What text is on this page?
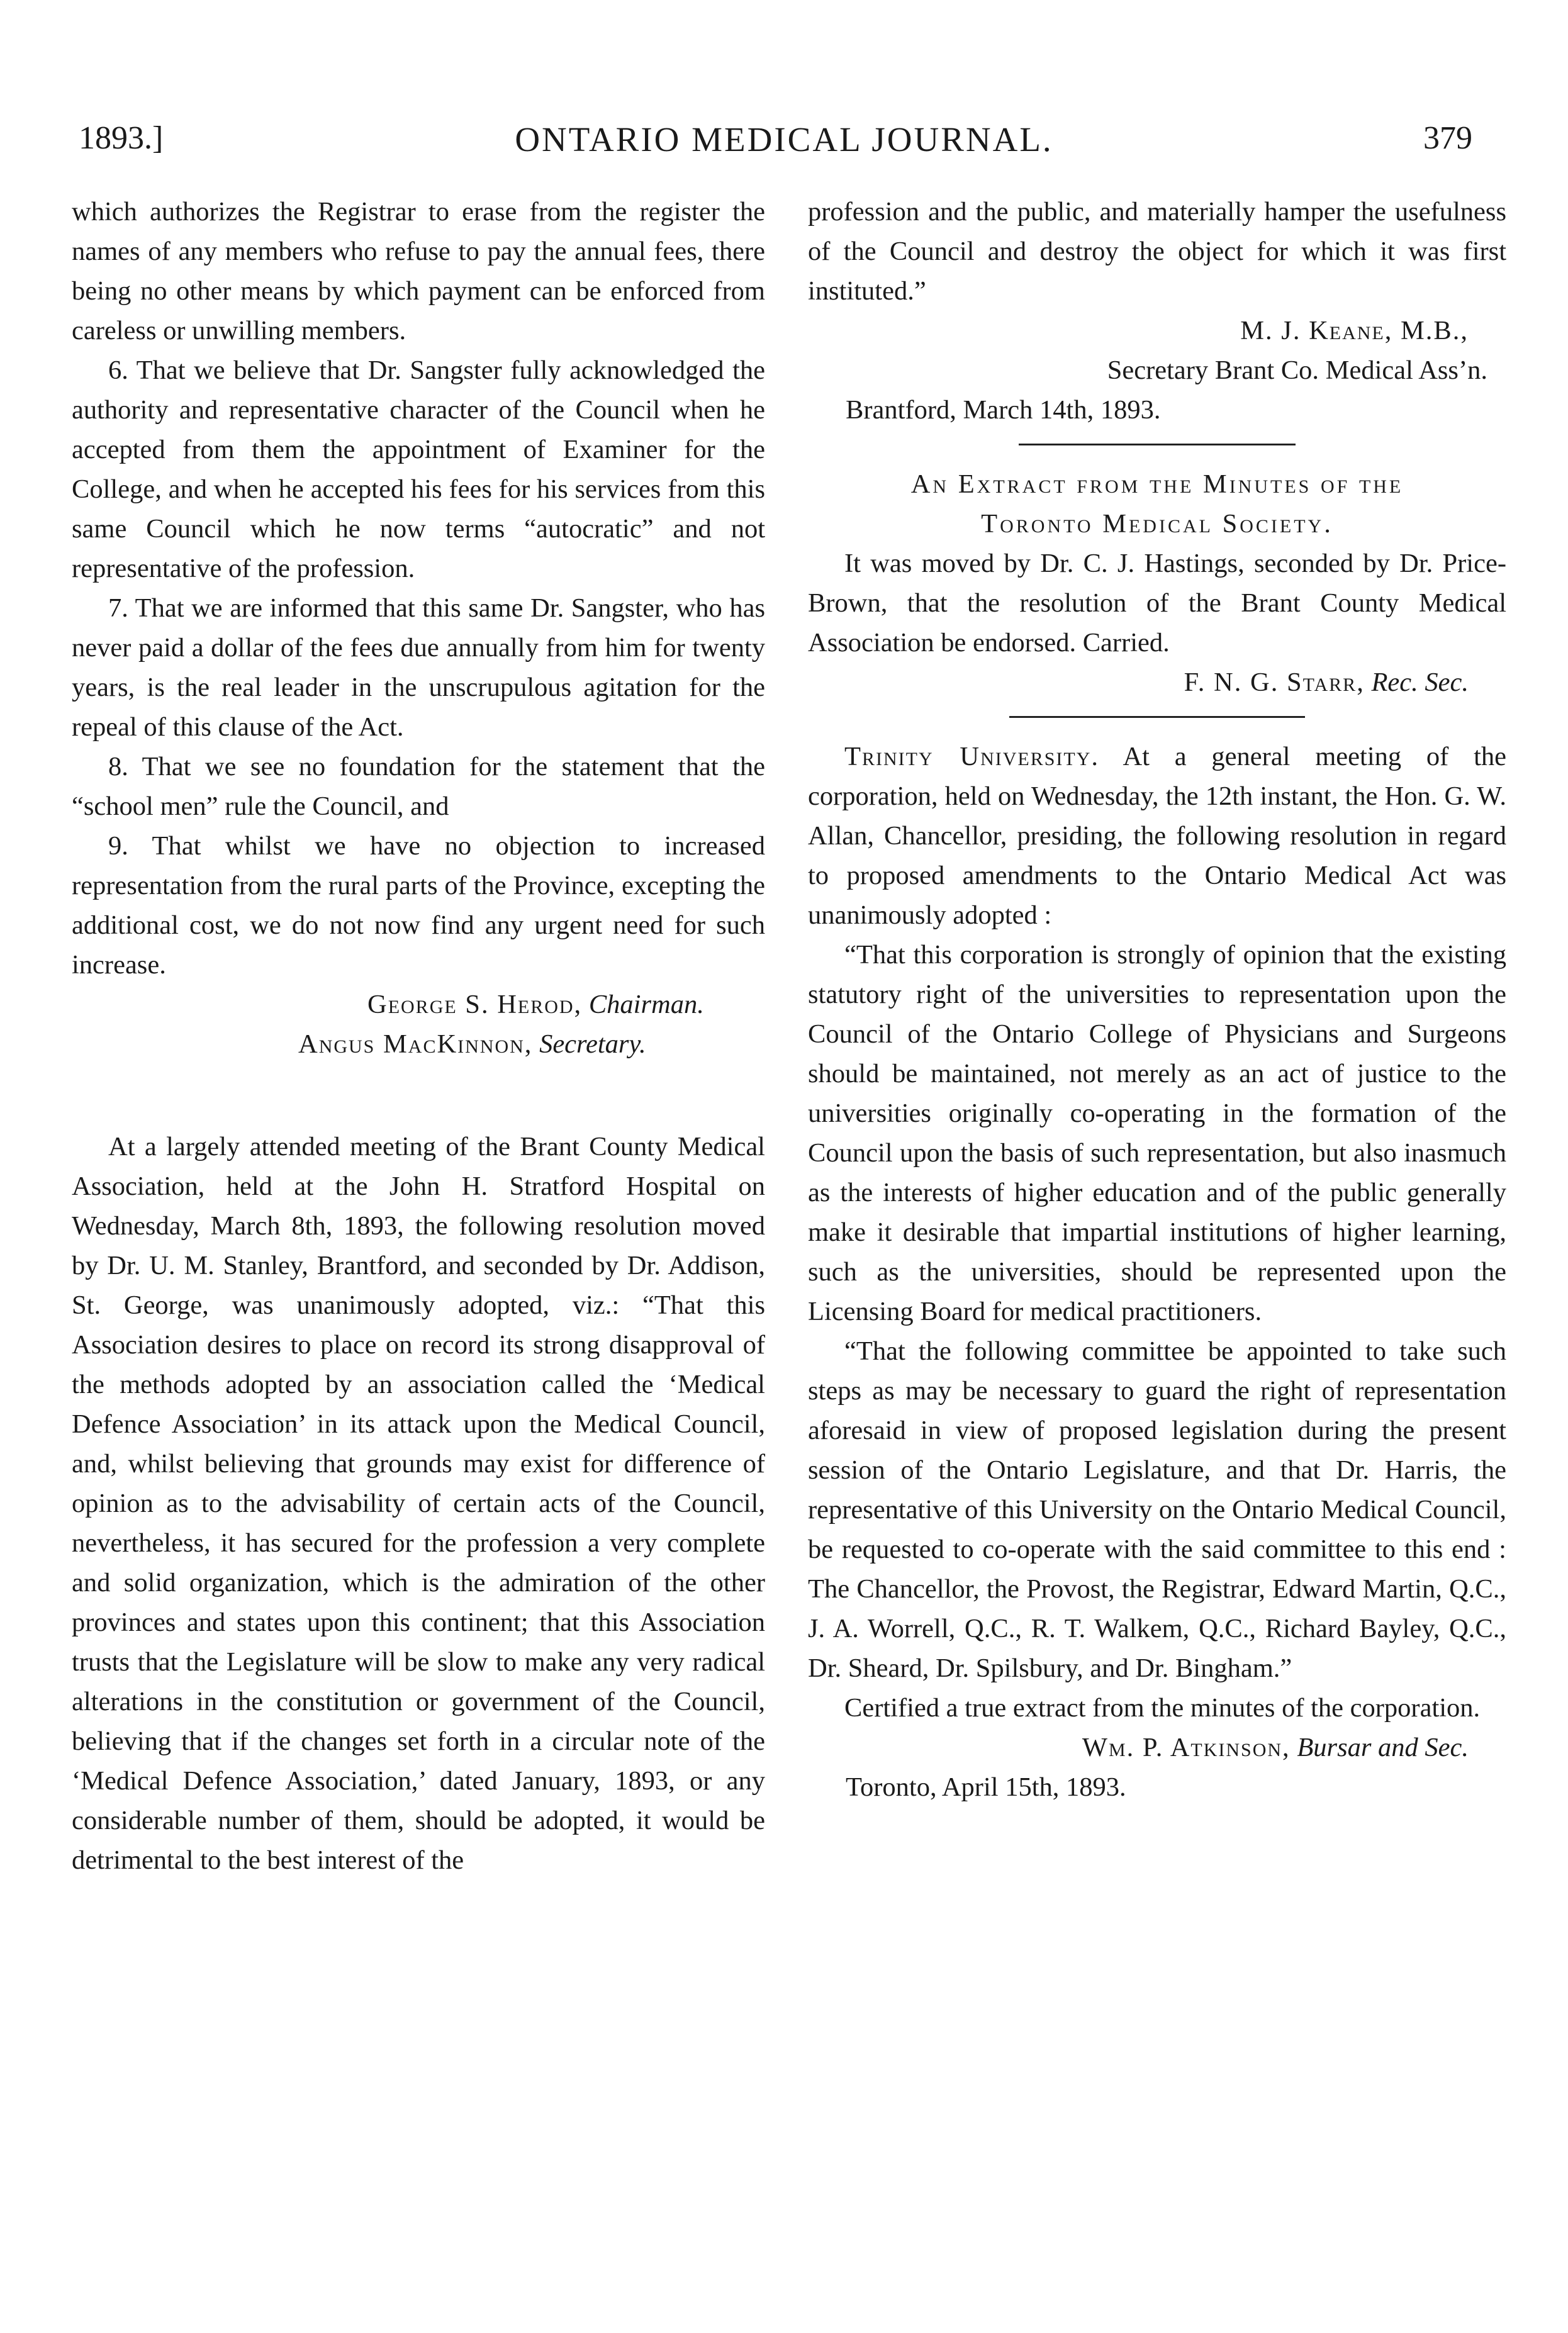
1893.]	ONTARIO MEDICAL JOURNAL.	379

which authorizes the Registrar to erase from the register the names of any members who refuse to pay the annual fees, there being no other means by which payment can be enforced from careless or unwilling members.

6. That we believe that Dr. Sangster fully acknowledged the authority and representative character of the Council when he accepted from them the appointment of Examiner for the College, and when he accepted his fees for his services from this same Council which he now terms “autocratic” and not representative of the profession.

7. That we are informed that this same Dr. Sangster, who has never paid a dollar of the fees due annually from him for twenty years, is the real leader in the unscrupulous agitation for the repeal of this clause of the Act.

8. That we see no foundation for the statement that the “school men” rule the Council, and

9. That whilst we have no objection to increased representation from the rural parts of the Province, excepting the additional cost, we do not now find any urgent need for such increase.

George S. Herod, Chairman.

Angus MacKinnon, Secretary.

At a largely attended meeting of the Brant County Medical Association, held at the John H. Stratford Hospital on Wednesday, March 8th, 1893, the following resolution moved by Dr. U. M. Stanley, Brantford, and seconded by Dr. Addison, St. George, was unanimously adopted, viz.: “That this Association desires to place on record its strong disapproval of the methods adopted by an association called the ‘Medical Defence Association’ in its attack upon the Medical Council, and, whilst believing that grounds may exist for difference of opinion as to the advisability of certain acts of the Council, nevertheless, it has secured for the profession a very complete and solid organization, which is the admiration of the other provinces and states upon this continent; that this Association trusts that the Legislature will be slow to make any very radical alterations in the constitution or government of the Council, believing that if the changes set forth in a circular note of the ‘Medical Defence Association,’ dated January, 1893, or any considerable number of them, should be adopted, it would be detrimental to the best interest of the

profession and the public, and materially hamper the usefulness of the Council and destroy the object for which it was first instituted.”

M. J. Keane, M.B.,

Secretary Brant Co. Medical Ass’n.

Brantford, March 14th, 1893.

An Extract from the Minutes of the

Toronto Medical Society.

It was moved by Dr. C. J. Hastings, seconded by Dr. Price-Brown, that the resolution of the Brant County Medical Association be endorsed. Carried.

F. N. G. Starr, Rec. Sec.

Trinity University. At a general meeting of the corporation, held on Wednesday, the 12th instant, the Hon. G. W. Allan, Chancellor, presiding, the following resolution in regard to proposed amendments to the Ontario Medical Act was unanimously adopted :

“That this corporation is strongly of opinion that the existing statutory right of the universities to representation upon the Council of the Ontario College of Physicians and Surgeons should be maintained, not merely as an act of justice to the universities originally co-operating in the formation of the Council upon the basis of such representation, but also inasmuch as the interests of higher education and of the public generally make it desirable that impartial institutions of higher learning, such as the universities, should be represented upon the Licensing Board for medical practitioners.

“That the following committee be appointed to take such steps as may be necessary to guard the right of representation aforesaid in view of proposed legislation during the present session of the Ontario Legislature, and that Dr. Harris, the representative of this University on the Ontario Medical Council, be requested to co-operate with the said committee to this end : The Chancellor, the Provost, the Registrar, Edward Martin, Q.C., J. A. Worrell, Q.C., R. T. Walkem, Q.C., Richard Bayley, Q.C., Dr. Sheard, Dr. Spilsbury, and Dr. Bingham.”

Certified a true extract from the minutes of the corporation.

Wm. P. Atkinson, Bursar and Sec.

Toronto, April 15th, 1893.
